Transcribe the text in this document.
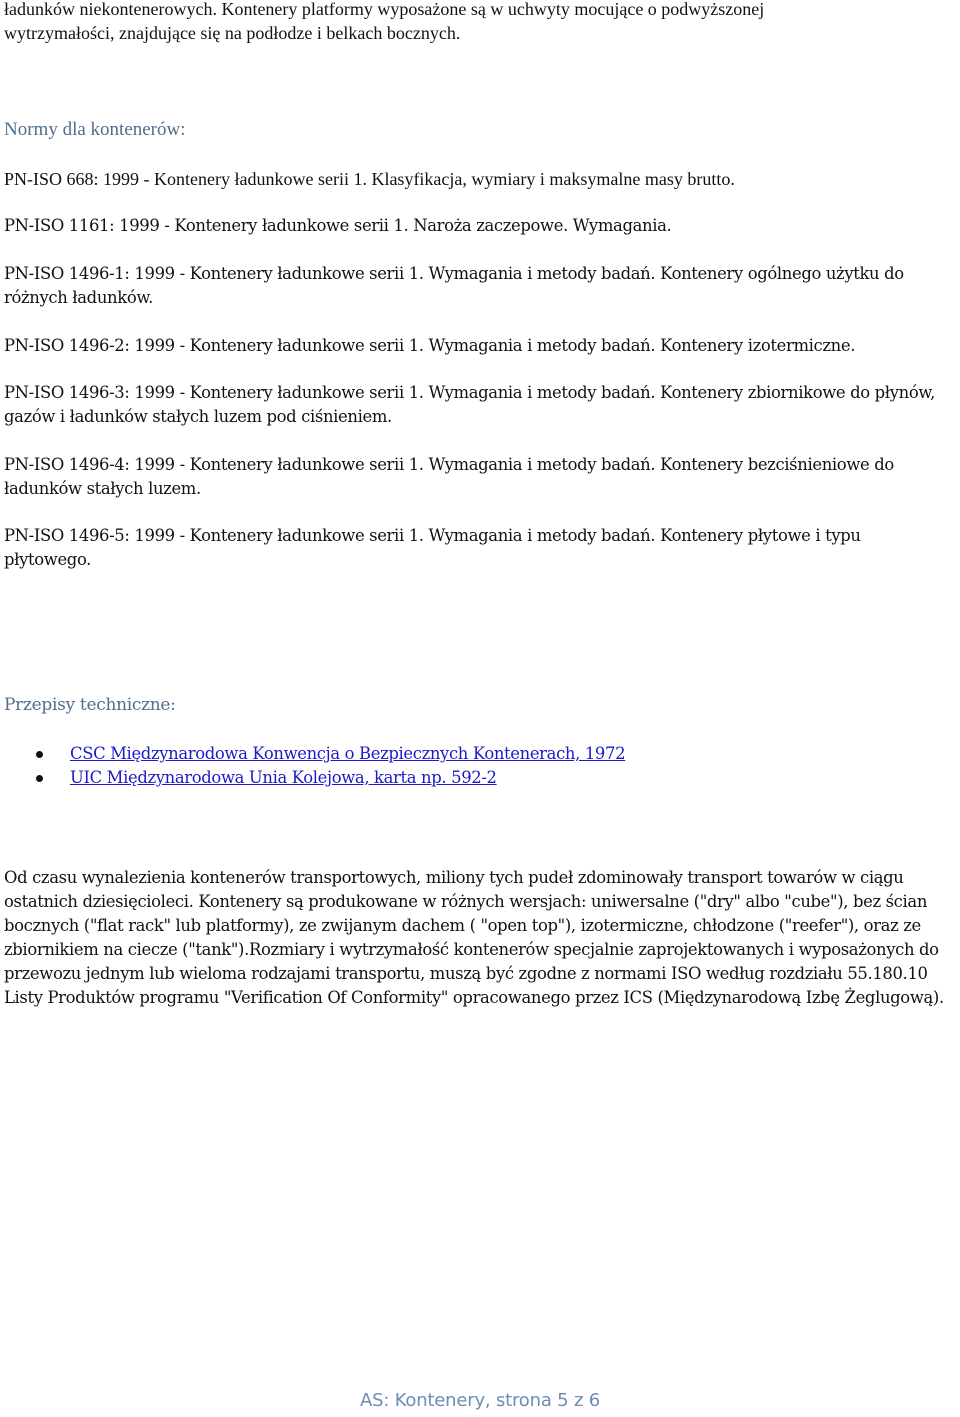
ładunków niekontenerowych. Kontenery platformy wyposażone są w uchwyty mocujące o podwyższonej

wytrzymałości, znajdujące się na podłodze i belkach bocznych.

Normy dla kontenerów:

PN-ISO 668: 1999 - Kontenery ładunkowe serii 1. Klasyfikacja, wymiary i maksymalne masy brutto.

PN-ISO 1161: 1999 - Kontenery ładunkowe serii 1. Naroża zaczepowe. Wymagania.

PN-ISO 1496-1: 1999 - Kontenery ładunkowe serii 1. Wymagania i metody badań. Kontenery ogólnego użytku do różnych ładunków.

PN-ISO 1496-2: 1999 - Kontenery ładunkowe serii 1. Wymagania i metody badań. Kontenery izotermiczne.

PN-ISO 1496-3: 1999 - Kontenery ładunkowe serii 1. Wymagania i metody badań. Kontenery zbiornikowe do płynów, gazów i ładunków stałych luzem pod ciśnieniem.

PN-ISO 1496-4: 1999 - Kontenery ładunkowe serii 1. Wymagania i metody badań. Kontenery bezciśnieniowe do ładunków stałych luzem.

PN-ISO 1496-5: 1999 - Kontenery ładunkowe serii 1. Wymagania i metody badań. Kontenery płytowe i typu płytowego.

Przepisy techniczne:
CSC Międzynarodowa Konwencja o Bezpiecznych Kontenerach, 1972
UIC Międzynarodowa Unia Kolejowa, karta np. 592-2

Od czasu wynalezienia kontenerów transportowych, miliony tych pudeł zdominowały transport towarów w ciągu ostatnich dziesięcioleci. Kontenery są produkowane w różnych wersjach: uniwersalne ("dry" albo "cube"), bez ścian bocznych ("flat rack" lub platformy), ze zwijanym dachem ( "open top"), izotermiczne, chłodzone ("reefer"), oraz ze zbiornikiem na ciecze ("tank").Rozmiary i wytrzymałość kontenerów specjalnie zaprojektowanych i wyposażonych do przewozu jednym lub wieloma rodzajami transportu, muszą być zgodne z normami ISO według rozdziału 55.180.10 Listy Produktów programu "Verification Of Conformity" opracowanego przez ICS (Międzynarodową Izbę Żeglugową).

AS: Kontenery, strona 5 z 6
